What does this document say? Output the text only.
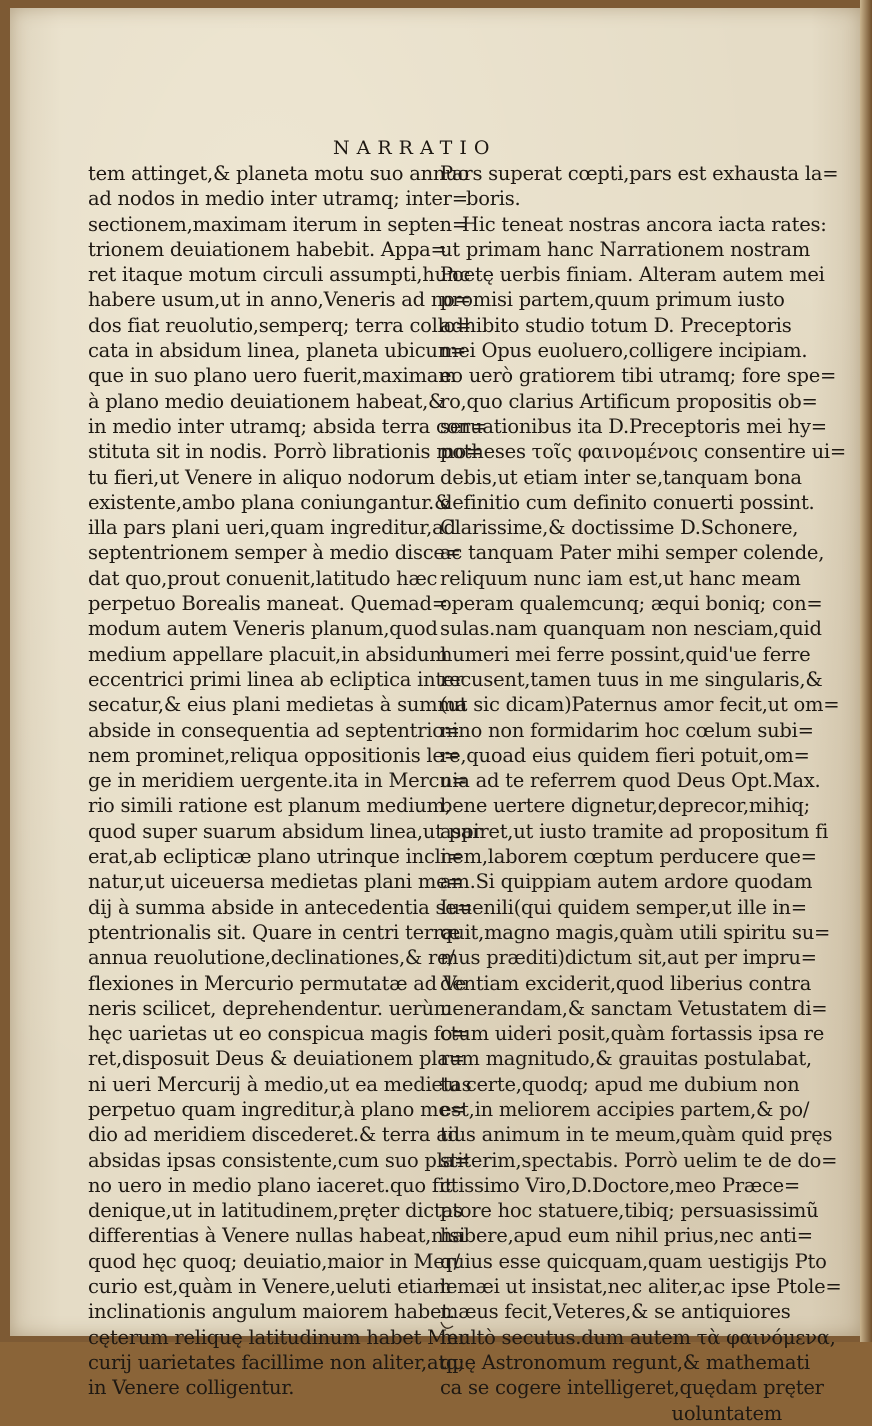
NARRATIO
tem attinget,& planeta motu suo annuo
ad nodos in medio inter utramq; inter=
sectionem,maximam iterum in septen=
trionem deuiationem habebit. Appa=
ret itaque motum circuli assumpti,hunc
habere usum,ut in anno,Veneris ad no=
dos fiat reuolutio,semperq; terra collo=
cata in absidum linea, planeta ubicun=
que in suo plano uero fuerit,maximam
à plano medio deuiationem habeat,&
in medio inter utramq; absida terra con=
stituta sit in nodis. Porrò librationis mo=
tu fieri,ut Venere in aliquo nodorum
existente,ambo plana coniungantur.&
illa pars plani ueri,quam ingreditur,ad
septentrionem semper à medio disce=
dat quo,prout conuenit,latitudo hæc
perpetuo Borealis maneat. Quemad=
modum autem Veneris planum,quod
medium appellare placuit,in absidum
eccentrici primi linea ab ecliptica inter
secatur,& eius plani medietas à summa
abside in consequentia ad septentrio=
nem prominet,reliqua oppositionis le=
ge in meridiem uergente.ita in Mercu=
rio simili ratione est planum medium,
quod super suarum absidum linea,ut par
erat,ab eclipticæ plano utrinque incli=
natur,ut uiceuersa medietas plani me=
dij à summa abside in antecedentia se=
ptentrionalis sit. Quare in centri terræ
annua reuolutione,declinationes,& re/
flexiones in Mercurio permutatæ ad Ve
neris scilicet, deprehendentur. uerùm
hęc uarietas ut eo conspicua magis fo=
ret,disposuit Deus & deuiationem pla=
ni ueri Mercurij à medio,ut ea medietas
perpetuo quam ingreditur,à plano me=
dio ad meridiem discederet.& terra ad
absidas ipsas consistente,cum suo pla=
no uero in medio plano iaceret.quo fit
denique,ut in latitudinem,pręter dictas
differentias à Venere nullas habeat,nisi
quod hęc quoq; deuiatio,maior in Mer/
curio est,quàm in Venere,ueluti etiam
inclinationis angulum maiorem habet.
cęterum reliquę latitudinum habet Mer
curij uarietates facillime non aliter,atq;
in Venere colligentur.
Pars superat cœpti,pars est exhausta la=
boris.
Hic teneat nostras ancora iacta rates:
ut primam hanc Narrationem nostram
Poetę uerbis finiam. Alteram autem mei
promisi partem,quum primum iusto
adhibito studio totum D. Preceptoris
mei Opus euoluero,colligere incipiam.
eo uerò gratiorem tibi utramq; fore spe=
ro,quo clarius Artificum propositis ob=
seruationibus ita D.Preceptoris mei hy=
potheses τοῖς φαινομένοις consentire ui=
debis,ut etiam inter se,tanquam bona
definitio cum definito conuerti possint.
Clarissime,& doctissime D.Schonere,
ac tanquam Pater mihi semper colende,
reliquum nunc iam est,ut hanc meam
operam qualemcunq; æqui boniq; con=
sulas.nam quanquam non nesciam,quid
humeri mei ferre possint,quid'ue ferre
recusent,tamen tuus in me singularis,&
(ut sic dicam)Paternus amor fecit,ut om=
nino non formidarim hoc cœlum subi=
re,quoad eius quidem fieri potuit,om=
nia ad te referrem quod Deus Opt.Max.
bene uertere dignetur,deprecor,mihiq;
aspiret,ut iusto tramite ad propositum fi
nem,laborem cœptum perducere que=
am.Si quippiam autem ardore quodam
Iuuenili(qui quidem semper,ut ille in=
quit,magno magis,quàm utili spiritu su=
mus præditi)dictum sit,aut per impru=
dentiam exciderit,quod liberius contra
uenerandam,& sanctam Vetustatem di=
ctum uideri posit,quàm fortassis ipsa re
rum magnitudo,& grauitas postulabat,
tu certe,quodq; apud me dubium non
est,in meliorem accipies partem,& po/
tius animum in te meum,quàm quid pręs
stiterim,spectabis. Porrò uelim te de do=
ctissimo Viro,D.Doctore,meo Præce=
ptore hoc statuere,tibiq; persuasissimũ
habere,apud eum nihil prius,nec anti=
quius esse quicquam,quam uestigijs Pto
lemæi ut insistat,nec aliter,ac ipse Ptole=
mæus fecit,Veteres,& se antiquiores
multò secutus.dum autem τὰ φαινόμενα,
quę Astronomum regunt,& mathemati
ca se cogere intelligeret,quędam pręter
uoluntatem
